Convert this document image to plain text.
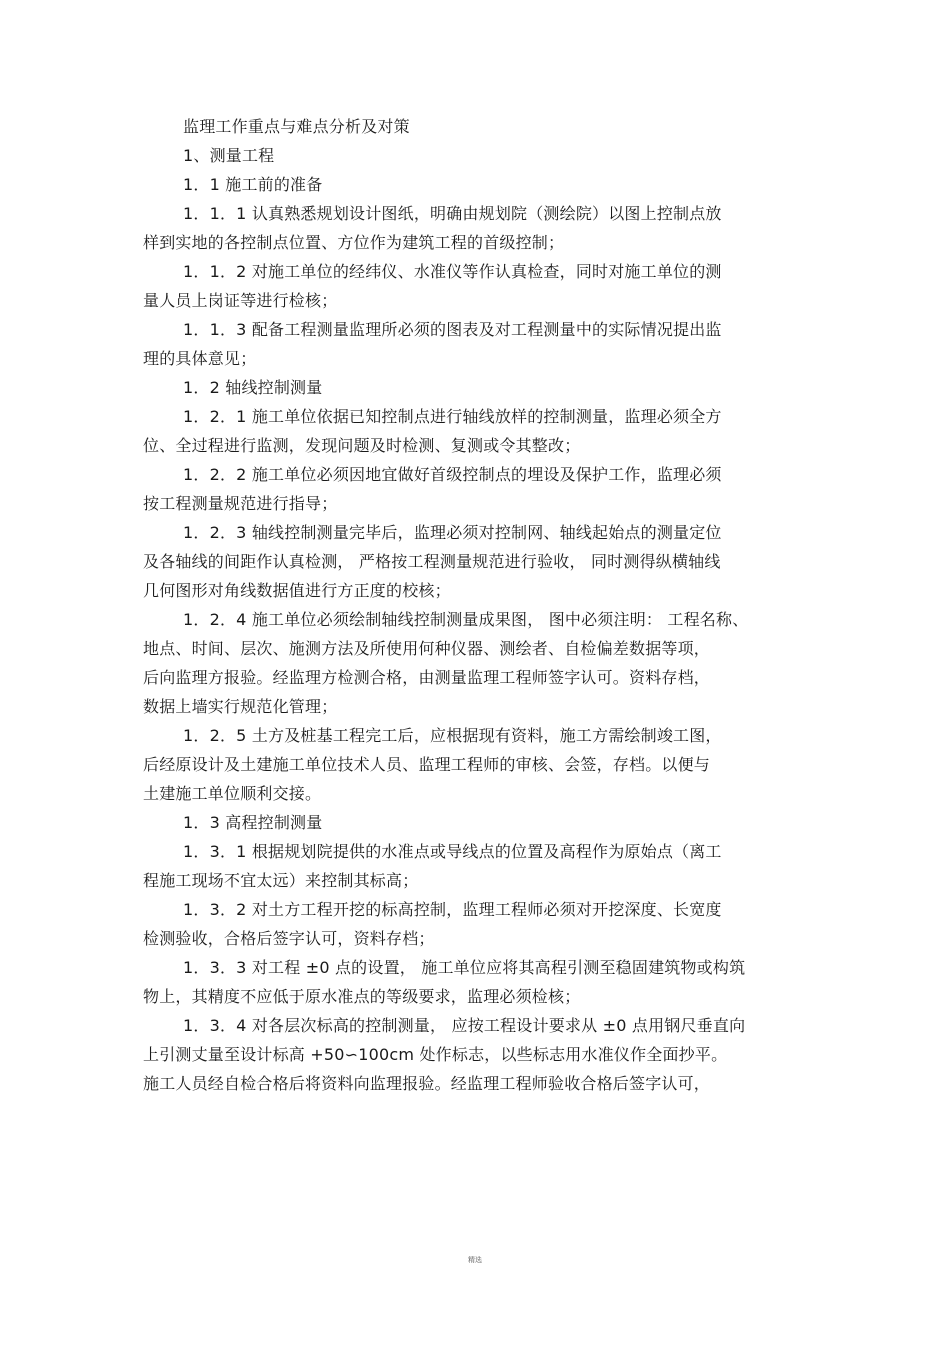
监理工作重点与难点分析及对策
1、测量工程
1．1 施工前的准备
1．1．1 认真熟悉规划设计图纸，明确由规划院（测绘院）以图上控制点放
样到实地的各控制点位置、方位作为建筑工程的首级控制；
1．1．2 对施工单位的经纬仪、水准仪等作认真检查，同时对施工单位的测
量人员上岗证等进行检核；
1．1．3 配备工程测量监理所必须的图表及对工程测量中的实际情况提出监
理的具体意见；
1．2 轴线控制测量
1．2．1 施工单位依据已知控制点进行轴线放样的控制测量，监理必须全方
位、全过程进行监测，发现问题及时检测、复测或令其整改；
1．2．2 施工单位必须因地宜做好首级控制点的埋设及保护工作，监理必须
按工程测量规范进行指导；
1．2．3 轴线控制测量完毕后，监理必须对控制网、轴线起始点的测量定位
及各轴线的间距作认真检测， 严格按工程测量规范进行验收， 同时测得纵横轴线
几何图形对角线数据值进行方正度的校核；
1．2．4 施工单位必须绘制轴线控制测量成果图， 图中必须注明： 工程名称、
地点、时间、层次、施测方法及所使用何种仪器、测绘者、自检偏差数据等项，
后向监理方报验。经监理方检测合格，由测量监理工程师签字认可。资料存档，
数据上墙实行规范化管理；
1．2．5 土方及桩基工程完工后，应根据现有资料，施工方需绘制竣工图，
后经原设计及土建施工单位技术人员、监理工程师的审核、会签，存档。以便与
土建施工单位顺利交接。
1．3 高程控制测量
1．3．1 根据规划院提供的水准点或导线点的位置及高程作为原始点（离工
程施工现场不宜太远）来控制其标高；
1．3．2 对土方工程开挖的标高控制，监理工程师必须对开挖深度、长宽度
检测验收，合格后签字认可，资料存档；
1．3．3 对工程 ±0 点的设置， 施工单位应将其高程引测至稳固建筑物或构筑
物上，其精度不应低于原水准点的等级要求，监理必须检核；
1．3．4 对各层次标高的控制测量， 应按工程设计要求从 ±0 点用钢尺垂直向
上引测丈量至设计标高 +50∽100cm 处作标志，以些标志用水准仪作全面抄平。
施工人员经自检合格后将资料向监理报验。经监理工程师验收合格后签字认可，
精选
